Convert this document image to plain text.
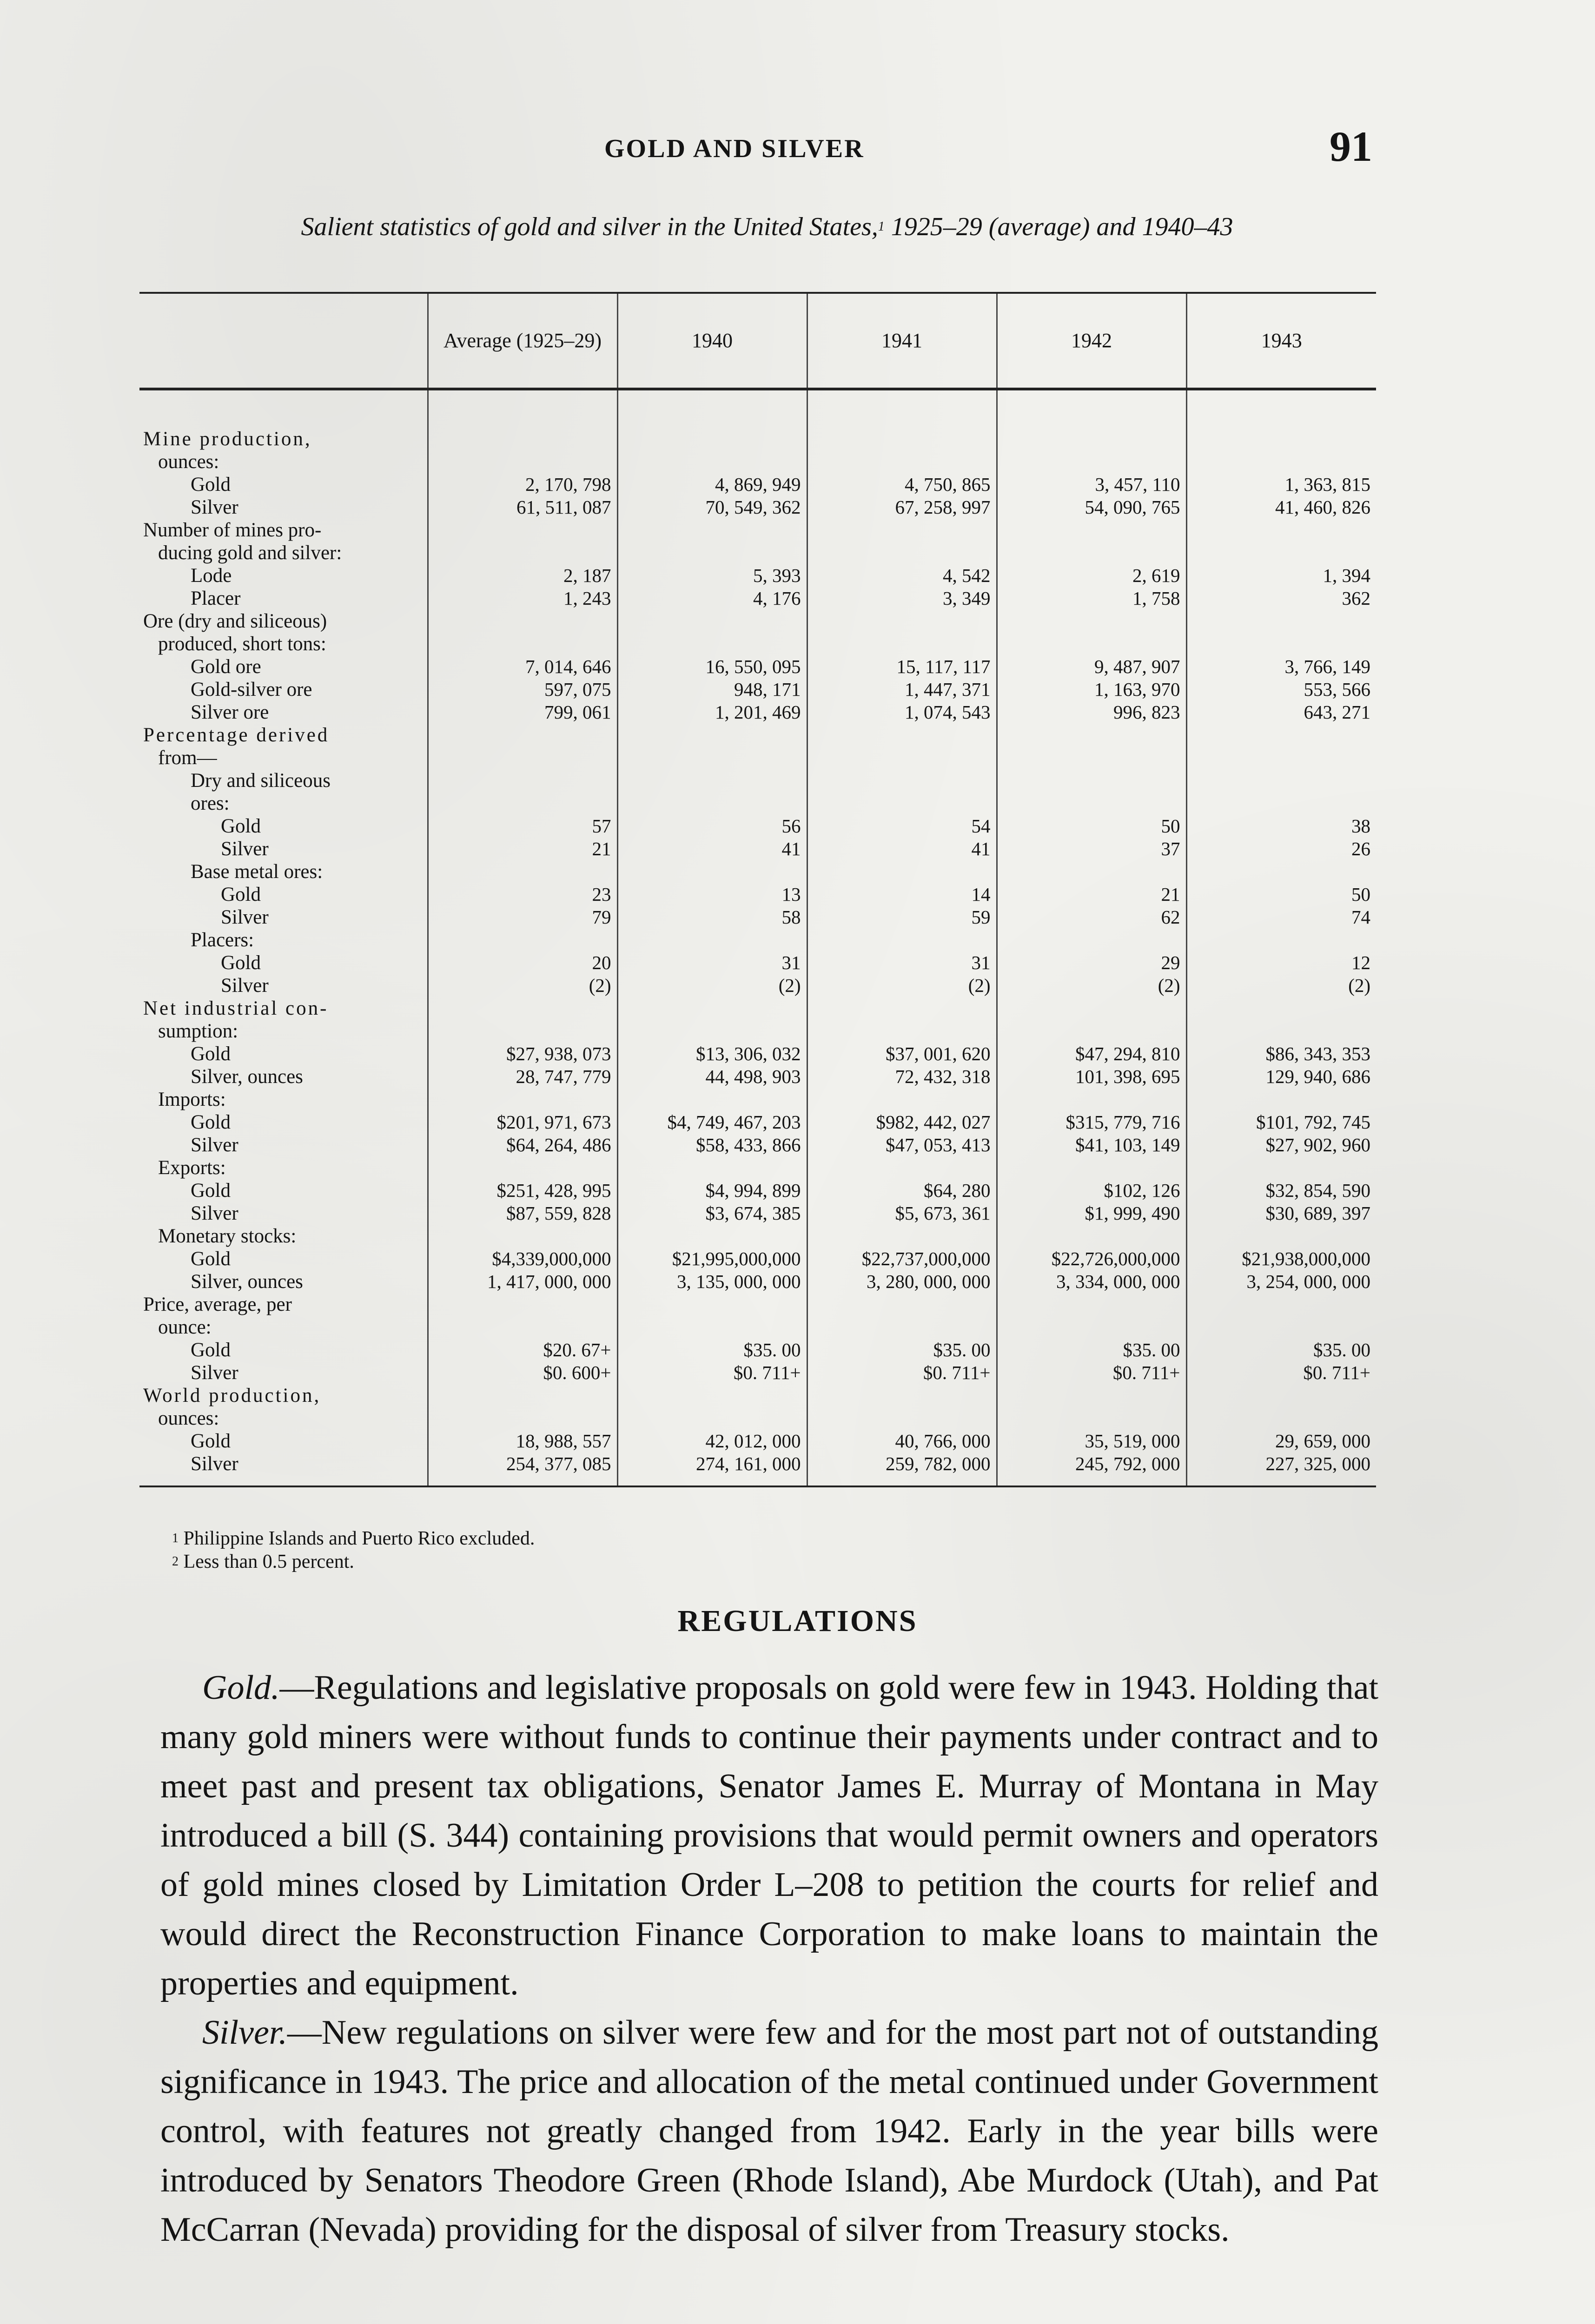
GOLD AND SILVER	91
Salient statistics of gold and silver in the United States,$^1$ 1925–29 (average) and 1940–43
	Average (1925–29)	1940	1941	1942	1943
Mine production,					
ounces:					
Gold	2, 170, 798	4, 869, 949	4, 750, 865	3, 457, 110	1, 363, 815
Silver	61, 511, 087	70, 549, 362	67, 258, 997	54, 090, 765	41, 460, 826
Number of mines pro-					
ducing gold and silver:					
Lode	2, 187	5, 393	4, 542	2, 619	1, 394
Placer	1, 243	4, 176	3, 349	1, 758	362
Ore (dry and siliceous)					
produced, short tons:					
Gold ore	7, 014, 646	16, 550, 095	15, 117, 117	9, 487, 907	3, 766, 149
Gold-silver ore	597, 075	948, 171	1, 447, 371	1, 163, 970	553, 566
Silver ore	799, 061	1, 201, 469	1, 074, 543	996, 823	643, 271
Percentage derived					
from—					
Dry and siliceous					
ores:					
Gold	57	56	54	50	38
Silver	21	41	41	37	26
Base metal ores:					
Gold	23	13	14	21	50
Silver	79	58	59	62	74
Placers:					
Gold	20	31	31	29	12
Silver	(2)	(2)	(2)	(2)	(2)
Net industrial con-					
sumption:					
Gold	$27, 938, 073	$13, 306, 032	$37, 001, 620	$47, 294, 810	$86, 343, 353
Silver, ounces	28, 747, 779	44, 498, 903	72, 432, 318	101, 398, 695	129, 940, 686
Imports:					
Gold	$201, 971, 673	$4, 749, 467, 203	$982, 442, 027	$315, 779, 716	$101, 792, 745
Silver	$64, 264, 486	$58, 433, 866	$47, 053, 413	$41, 103, 149	$27, 902, 960
Exports:					
Gold	$251, 428, 995	$4, 994, 899	$64, 280	$102, 126	$32, 854, 590
Silver	$87, 559, 828	$3, 674, 385	$5, 673, 361	$1, 999, 490	$30, 689, 397
Monetary stocks:					
Gold	$4,339,000,000	$21,995,000,000	$22,737,000,000	$22,726,000,000	$21,938,000,000
Silver, ounces	1, 417, 000, 000	3, 135, 000, 000	3, 280, 000, 000	3, 334, 000, 000	3, 254, 000, 000
Price, average, per					
ounce:					
Gold	$20. 67+	$35. 00	$35. 00	$35. 00	$35. 00
Silver	$0. 600+	$0. 711+	$0. 711+	$0. 711+	$0. 711+
World production,					
ounces:					
Gold	18, 988, 557	42, 012, 000	40, 766, 000	35, 519, 000	29, 659, 000
Silver	254, 377, 085	274, 161, 000	259, 782, 000	245, 792, 000	227, 325, 000
$^1$ Philippine Islands and Puerto Rico excluded.
$^2$ Less than 0.5 percent.
REGULATIONS

Gold.—Regulations and legislative proposals on gold were few in 1943. Holding that many gold miners were without funds to continue their payments under contract and to meet past and present tax obligations, Senator James E. Murray of Montana in May introduced a bill (S. 344) containing provisions that would permit owners and operators of gold mines closed by Limitation Order L–208 to petition the courts for relief and would direct the Reconstruction Finance Corporation to make loans to maintain the properties and equipment.

Silver.—New regulations on silver were few and for the most part not of outstanding significance in 1943. The price and allocation of the metal continued under Government control, with features not greatly changed from 1942. Early in the year bills were introduced by Senators Theodore Green (Rhode Island), Abe Murdock (Utah), and Pat McCarran (Nevada) providing for the disposal of silver from Treasury stocks.
